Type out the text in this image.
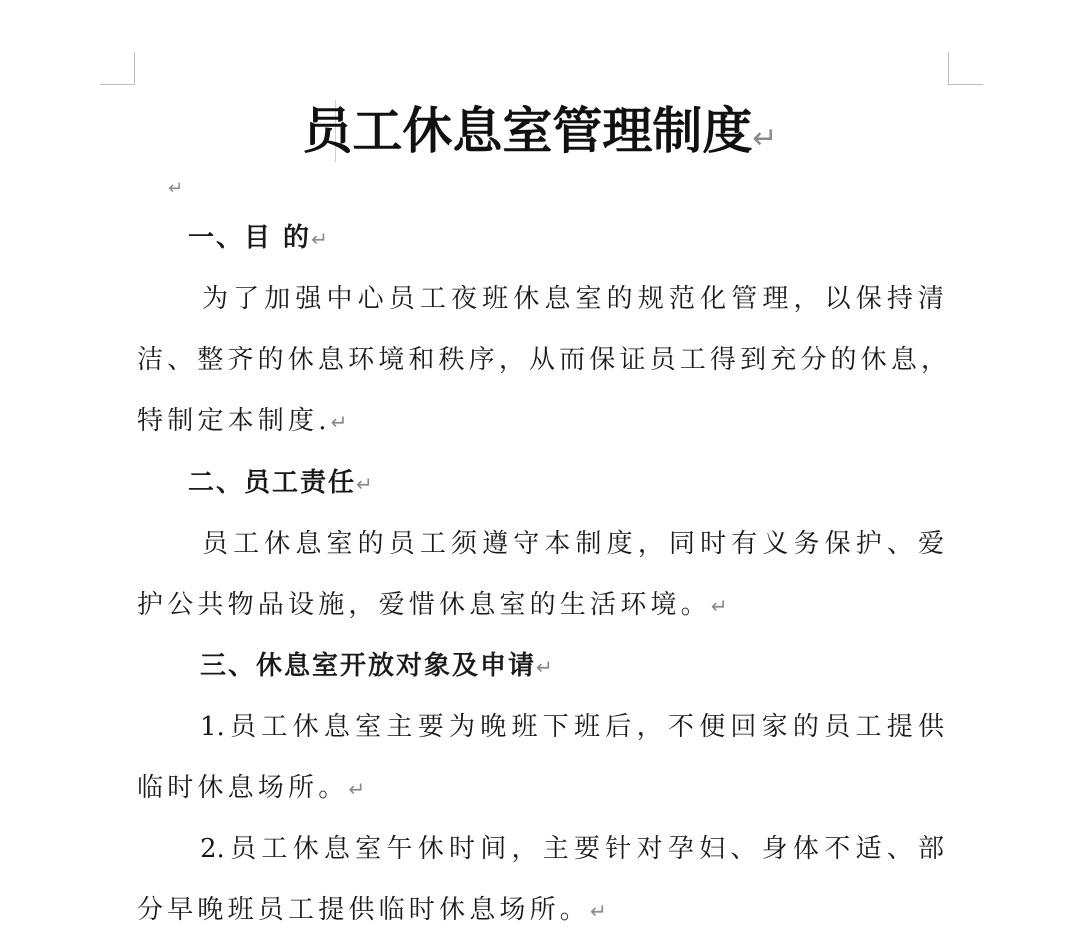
员工休息室管理制度↵
↵
一、目 的↵
为了加强中心员工夜班休息室的规范化管理，以保持清
洁、整齐的休息环境和秩序，从而保证员工得到充分的休息，
特制定本制度.↵
二、员工责任↵
员工休息室的员工须遵守本制度，同时有义务保护、爱
护公共物品设施，爱惜休息室的生活环境。↵
三、休息室开放对象及申请↵
1.员工休息室主要为晚班下班后，不便回家的员工提供
临时休息场所。↵
2.员工休息室午休时间，主要针对孕妇、身体不适、部
分早晚班员工提供临时休息场所。↵
